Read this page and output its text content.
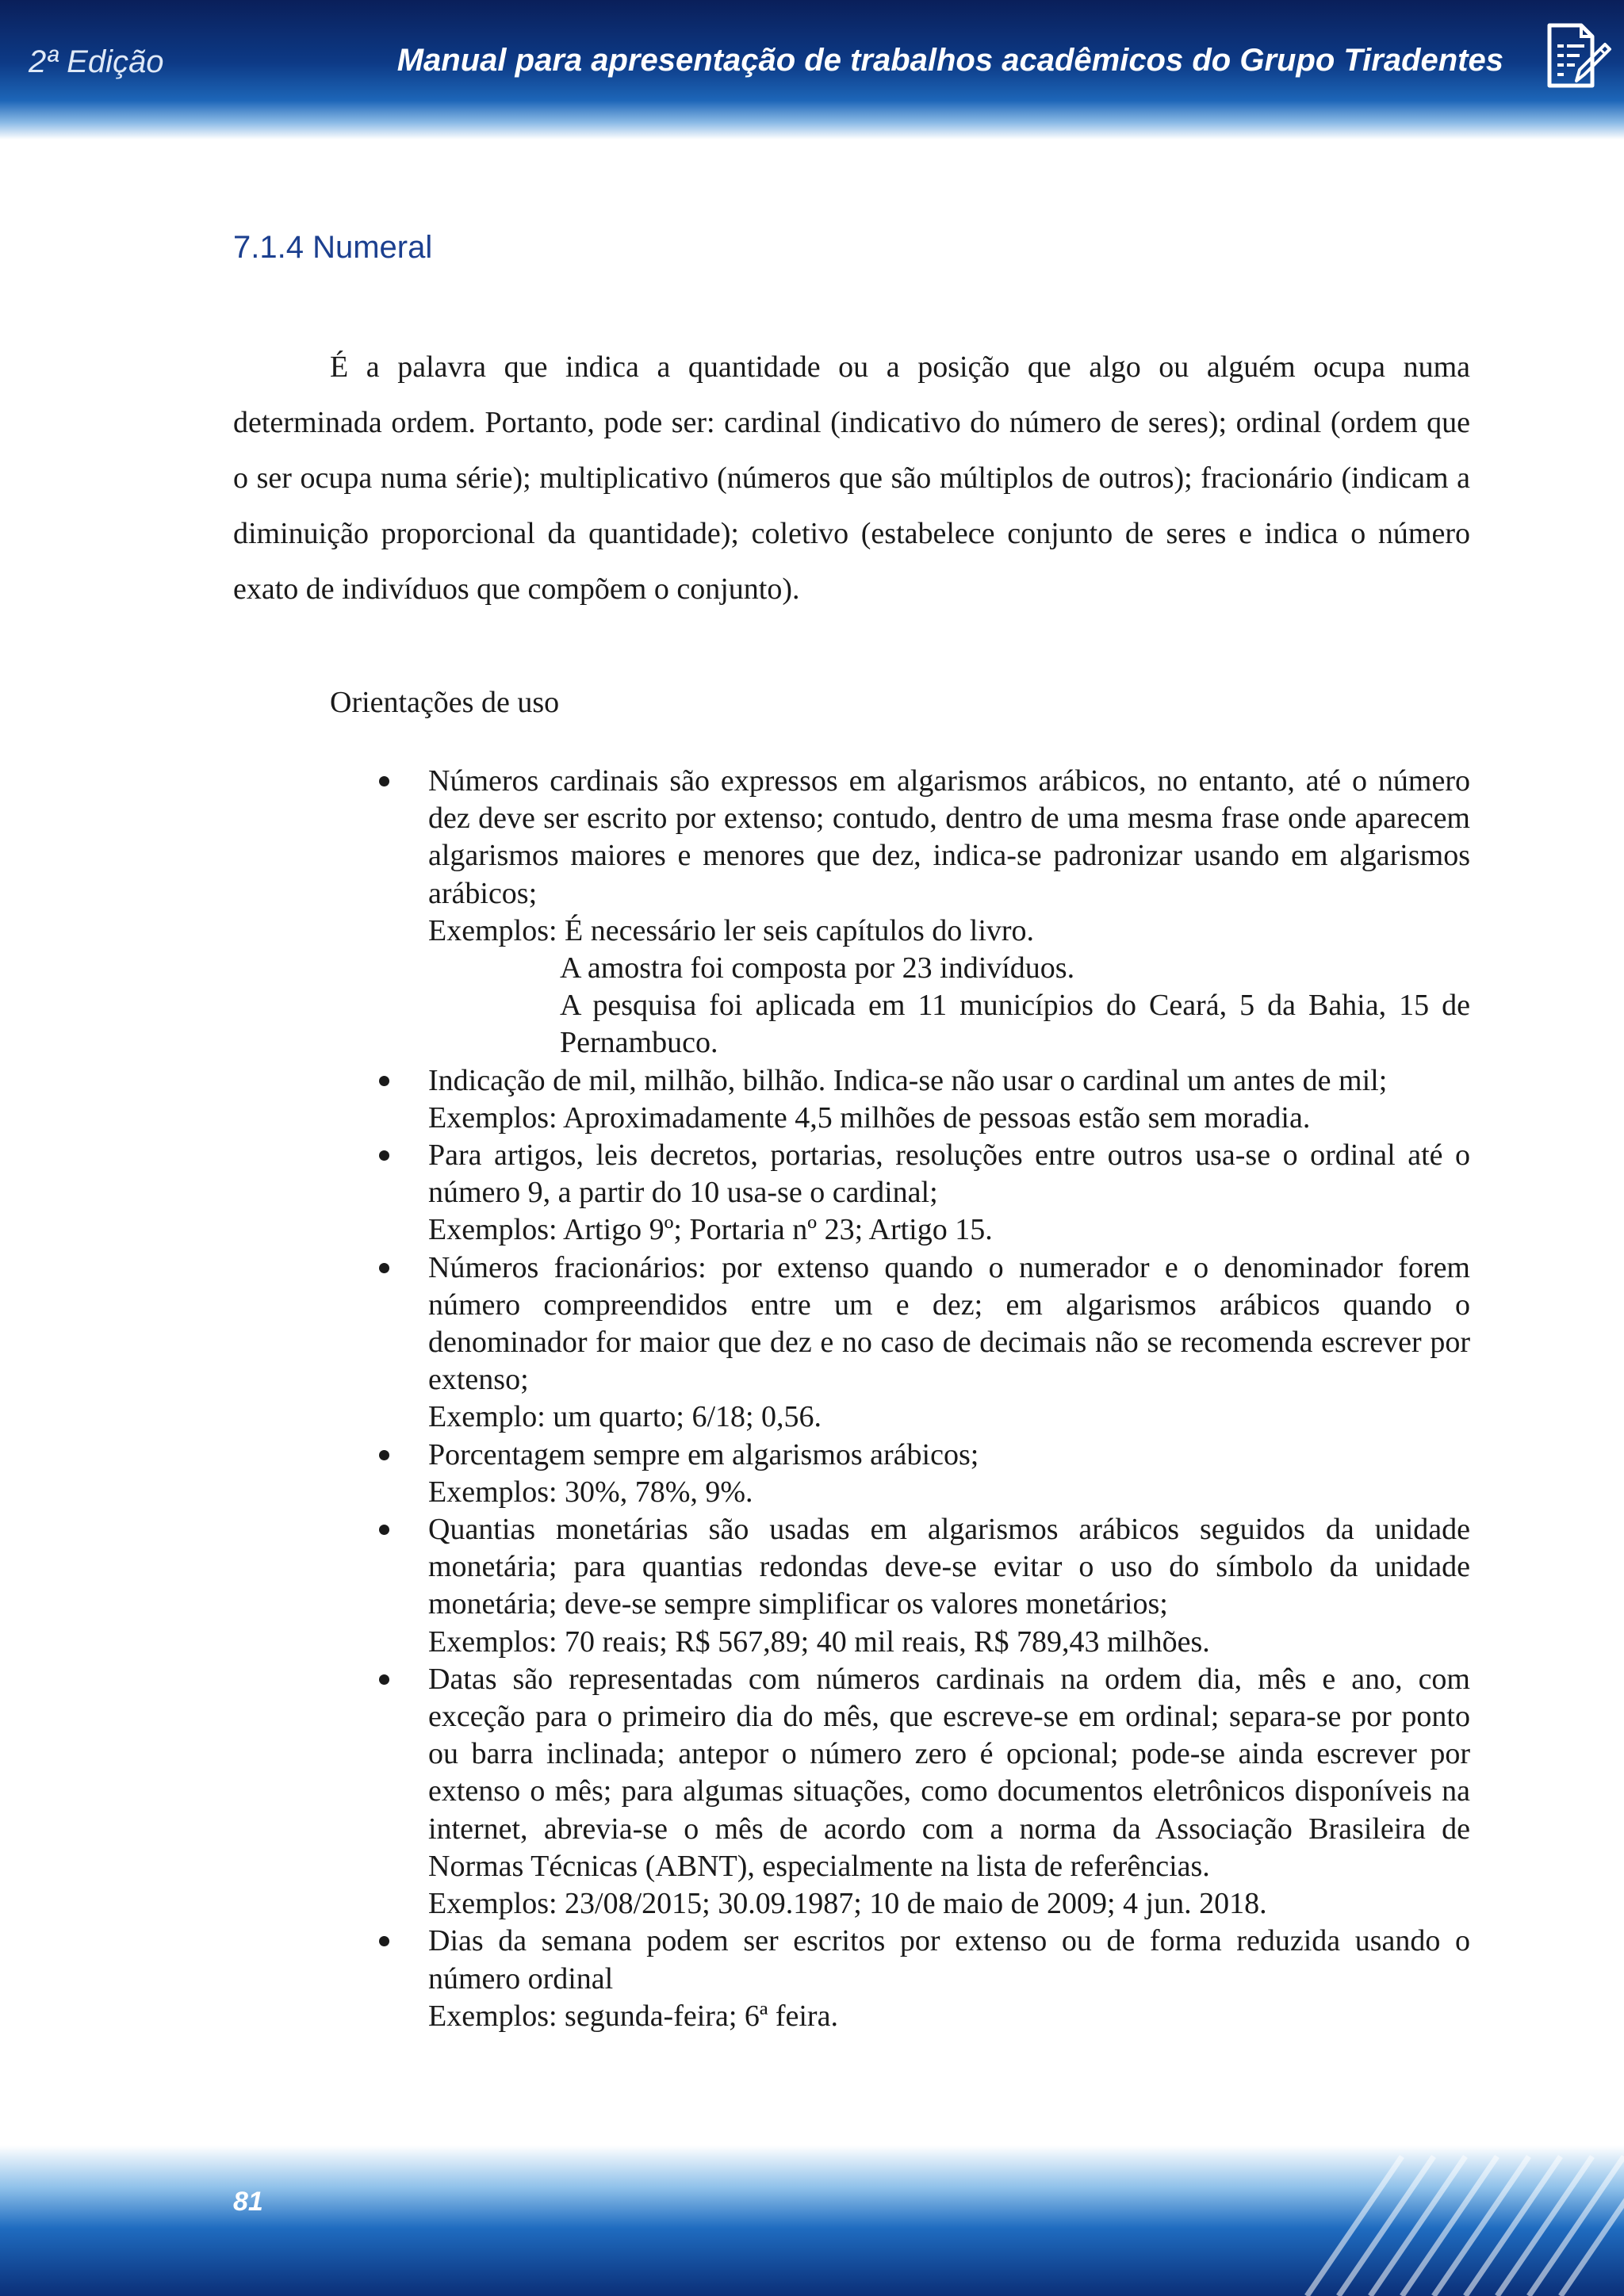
2ª Edição	Manual para apresentação de trabalhos acadêmicos do Grupo Tiradentes
7.1.4 Numeral

É a palavra que indica a quantidade ou a posição que algo ou alguém ocupa numa determinada ordem. Portanto, pode ser: cardinal (indicativo do número de seres); ordinal (ordem que o ser ocupa numa série); multiplicativo (números que são múltiplos de outros); fracionário (indicam a diminuição proporcional da quantidade); coletivo (estabelece conjunto de seres e indica o número exato de indivíduos que compõem o conjunto).

Orientações de uso

Números cardinais são expressos em algarismos arábicos, no entanto, até o número dez deve ser escrito por extenso; contudo, dentro de uma mesma frase onde aparecem algarismos maiores e menores que dez, indica-se padronizar usando em algarismos arábicos;

Exemplos: É necessário ler seis capítulos do livro.

A amostra foi composta por 23 indivíduos.

A pesquisa foi aplicada em 11 municípios do Ceará, 5 da Bahia, 15 de Pernambuco.

Indicação de mil, milhão, bilhão. Indica-se não usar o cardinal um antes de mil;

Exemplos: Aproximadamente 4,5 milhões de pessoas estão sem moradia.

Para artigos, leis decretos, portarias, resoluções entre outros usa-se o ordinal até o número 9, a partir do 10 usa-se o cardinal;

Exemplos: Artigo 9º; Portaria nº 23; Artigo 15.

Números fracionários: por extenso quando o numerador e o denominador forem número compreendidos entre um e dez; em algarismos arábicos quando o denominador for maior que dez e no caso de decimais não se recomenda escrever por extenso;

Exemplo: um quarto; 6/18; 0,56.

Porcentagem sempre em algarismos arábicos;

Exemplos: 30%, 78%, 9%.

Quantias monetárias são usadas em algarismos arábicos seguidos da unidade monetária; para quantias redondas deve-se evitar o uso do símbolo da unidade monetária; deve-se sempre simplificar os valores monetários;

Exemplos: 70 reais; R$ 567,89; 40 mil reais, R$ 789,43 milhões.

Datas são representadas com números cardinais na ordem dia, mês e ano, com exceção para o primeiro dia do mês, que escreve-se em ordinal; separa-se por ponto ou barra inclinada; antepor o número zero é opcional; pode-se ainda escrever por extenso o mês; para algumas situações, como documentos eletrônicos disponíveis na internet, abrevia-se o mês de acordo com a norma da Associação Brasileira de Normas Técnicas (ABNT), especialmente na lista de referências.

Exemplos: 23/08/2015; 30.09.1987; 10 de maio de 2009; 4 jun. 2018.

Dias da semana podem ser escritos por extenso ou de forma reduzida usando o número ordinal

Exemplos: segunda-feira; 6ª feira.

81
